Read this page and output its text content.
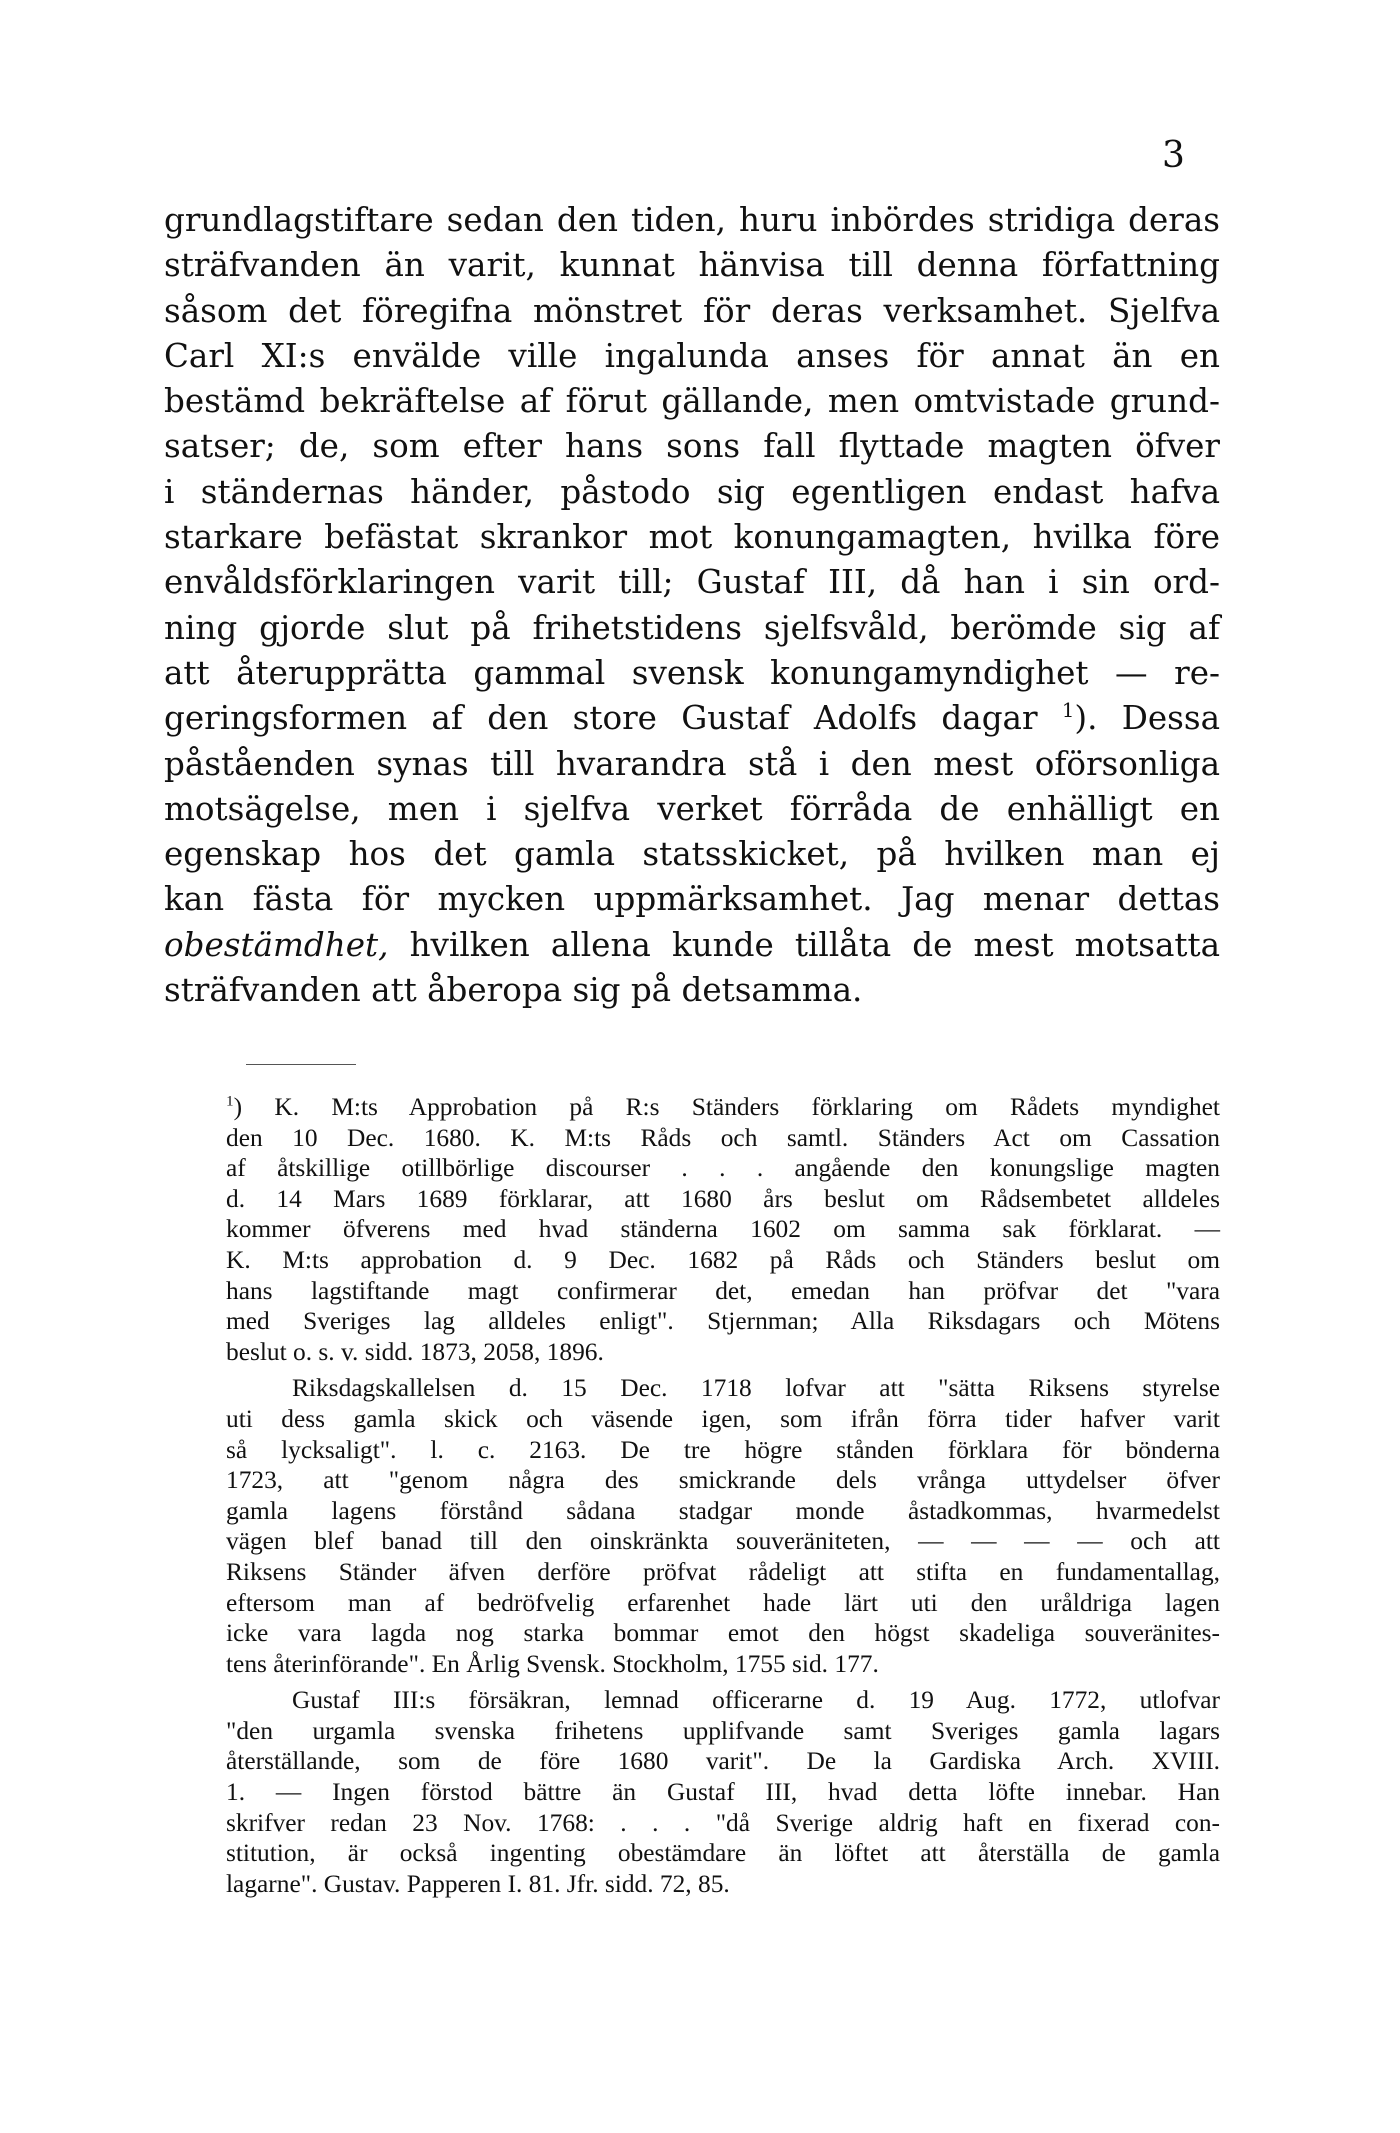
3
grundlagstiftare sedan den tiden, huru inbördes stridiga deras
sträfvanden än varit, kunnat hänvisa till denna författning
såsom det föregifna mönstret för deras verksamhet. Sjelfva
Carl XI:s envälde ville ingalunda anses för annat än en
bestämd bekräftelse af förut gällande, men omtvistade grund-
satser; de, som efter hans sons fall flyttade magten öfver
i ständernas händer, påstodo sig egentligen endast hafva
starkare befästat skrankor mot konungamagten, hvilka före
envåldsförklaringen varit till; Gustaf III, då han i sin ord-
ning gjorde slut på frihetstidens sjelfsvåld, berömde sig af
att återupprätta gammal svensk konungamyndighet — re-
geringsformen af den store Gustaf Adolfs dagar $^1$). Dessa
påståenden synas till hvarandra stå i den mest oförsonliga
motsägelse, men i sjelfva verket förråda de enhälligt en
egenskap hos det gamla statsskicket, på hvilken man ej
kan fästa för mycken uppmärksamhet. Jag menar dettas
obestämdhet, hvilken allena kunde tillåta de mest motsatta
sträfvanden att åberopa sig på detsamma.
$^1$) K. M:ts Approbation på R:s Ständers förklaring om Rådets myndighet
den 10 Dec. 1680. K. M:ts Råds och samtl. Ständers Act om Cassation
af åtskillige otillbörlige discourser . . . angående den konungslige magten
d. 14 Mars 1689 förklarar, att 1680 års beslut om Rådsembetet alldeles
kommer öfverens med hvad ständerna 1602 om samma sak förklarat. —
K. M:ts approbation d. 9 Dec. 1682 på Råds och Ständers beslut om
hans lagstiftande magt confirmerar det, emedan han pröfvar det "vara
med Sveriges lag alldeles enligt". Stjernman; Alla Riksdagars och Mötens
beslut o. s. v. sidd. 1873, 2058, 1896.
Riksdagskallelsen d. 15 Dec. 1718 lofvar att "sätta Riksens styrelse
uti dess gamla skick och väsende igen, som ifrån förra tider hafver varit
så lycksaligt". l. c. 2163. De tre högre stånden förklara för bönderna
1723, att "genom några des smickrande dels vrånga uttydelser öfver
gamla lagens förstånd sådana stadgar monde åstadkommas, hvarmedelst
vägen blef banad till den oinskränkta souveräniteten, — — — — och att
Riksens Ständer äfven derföre pröfvat rådeligt att stifta en fundamentallag,
eftersom man af bedröfvelig erfarenhet hade lärt uti den uråldriga lagen
icke vara lagda nog starka bommar emot den högst skadeliga souveränites-
tens återinförande". En Årlig Svensk. Stockholm, 1755 sid. 177.
Gustaf III:s försäkran, lemnad officerarne d. 19 Aug. 1772, utlofvar
"den urgamla svenska frihetens upplifvande samt Sveriges gamla lagars
återställande, som de före 1680 varit". De la Gardiska Arch. XVIII.
1. — Ingen förstod bättre än Gustaf III, hvad detta löfte innebar. Han
skrifver redan 23 Nov. 1768: . . . "då Sverige aldrig haft en fixerad con-
stitution, är också ingenting obestämdare än löftet att återställa de gamla
lagarne". Gustav. Papperen I. 81. Jfr. sidd. 72, 85.
